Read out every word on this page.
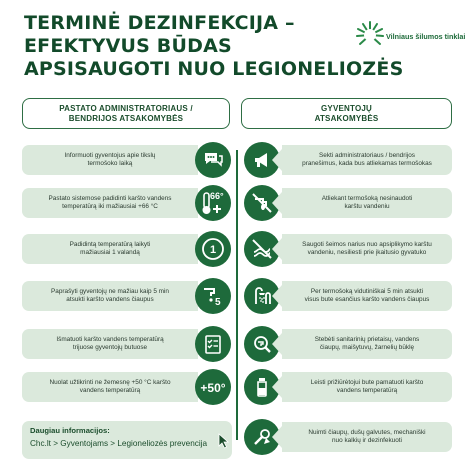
TERMINĖ DEZINFEKCIJA –
EFEKTYVUS BŪDAS
APSISAUGOTI NUO LEGIONELIOZĖS
Vilniaus šilumos tinklai
PASTATO ADMINISTRATORIAUS /
BENDRIJOS ATSAKOMYBĖS
GYVENTOJŲ
ATSAKOMYBĖS
Informuoti gyventojus apie tikslų
termošoko laiką
Sekti administratoriaus / bendrijos
pranešimus, kada bus atliekamas termošokas
Pastato sistemose padidinti karšto vandens
temperatūrą iki mažiausiai +66 °C
66°	Atliekant termošoką nesinaudoti
karštu vandeniu
Padidintą temperatūrą laikyti
mažiausiai 1 valandą	1	Saugoti šeimos narius nuo apsiplikymo karštu
vandeniu, nesiliesti prie įkaitusio gyvatuko
Paprašyti gyventojų ne mažiau kaip 5 min
atsukti karšto vandens čiaupus	5
Per termošoką vidutiniškai 5 min atsukti
visus bute esančius karšto vandens čiaupus
Išmatuoti karšto vandens temperatūrą
trijuose gyventojų butuose
Stebėti sanitarinių prietaisų, vandens
čiaupų, maišytuvų, žarnelių būklę
Nuolat užtikrinti ne žemesnę +50 °C karšto
vandens temperatūrą	+50°	Leisti prižiūrėtojui bute pamatuoti karšto
vandens temperatūrą
Nuimti čiaupų, dušų galvutes, mechaniški
nuo kalkių ir dezinfekuoti
Daugiau informacijos:
Chc.lt > Gyventojams > Legioneliozės prevencija
